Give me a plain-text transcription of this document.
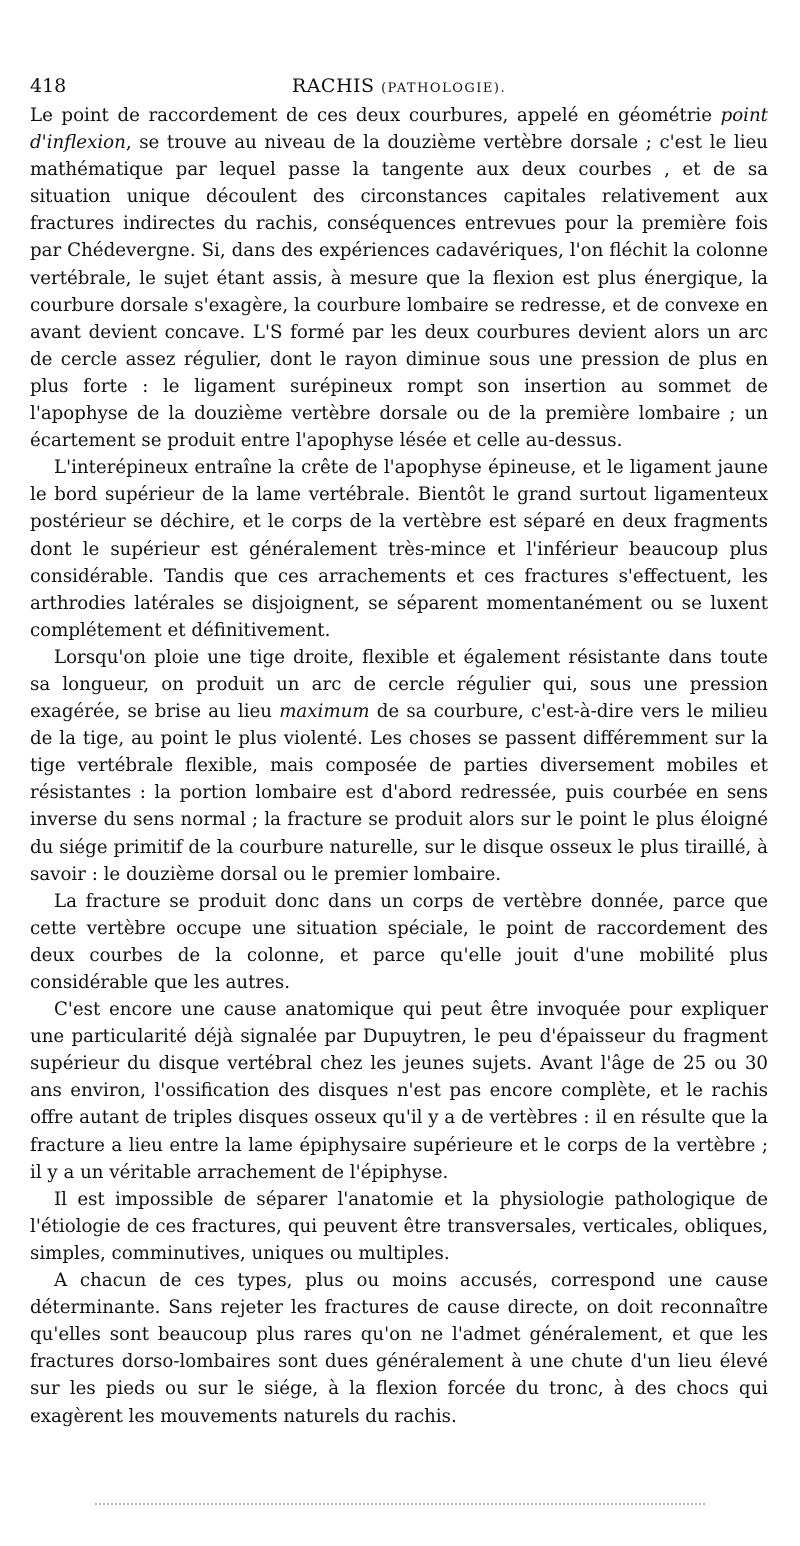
418	RACHIS (PATHOLOGIE).

Le point de raccordement de ces deux courbures, appelé en géométrie point d'inflexion, se trouve au niveau de la douzième vertèbre dorsale ; c'est le lieu mathématique par lequel passe la tangente aux deux courbes , et de sa situation unique découlent des circonstances capitales relativement aux fractures indirectes du rachis, conséquences entrevues pour la première fois par Chédevergne. Si, dans des expériences cadavériques, l'on fléchit la colonne vertébrale, le sujet étant assis, à mesure que la flexion est plus énergique, la courbure dorsale s'exagère, la courbure lombaire se redresse, et de convexe en avant devient concave. L'S formé par les deux courbures devient alors un arc de cercle assez régulier, dont le rayon diminue sous une pression de plus en plus forte : le ligament surépineux rompt son insertion au sommet de l'apophyse de la douzième vertèbre dorsale ou de la première lombaire ; un écartement se produit entre l'apophyse lésée et celle au-dessus.

L'interépineux entraîne la crête de l'apophyse épineuse, et le ligament jaune le bord supérieur de la lame vertébrale. Bientôt le grand surtout ligamenteux postérieur se déchire, et le corps de la vertèbre est séparé en deux fragments dont le supérieur est généralement très-mince et l'inférieur beaucoup plus considérable. Tandis que ces arrachements et ces fractures s'effectuent, les arthrodies latérales se disjoignent, se séparent momentanément ou se luxent complétement et définitivement.

Lorsqu'on ploie une tige droite, flexible et également résistante dans toute sa longueur, on produit un arc de cercle régulier qui, sous une pression exagérée, se brise au lieu maximum de sa courbure, c'est-à-dire vers le milieu de la tige, au point le plus violenté. Les choses se passent différemment sur la tige vertébrale flexible, mais composée de parties diversement mobiles et résistantes : la portion lombaire est d'abord redressée, puis courbée en sens inverse du sens normal ; la fracture se produit alors sur le point le plus éloigné du siége primitif de la courbure naturelle, sur le disque osseux le plus tiraillé, à savoir : le douzième dorsal ou le premier lombaire.

La fracture se produit donc dans un corps de vertèbre donnée, parce que cette vertèbre occupe une situation spéciale, le point de raccordement des deux courbes de la colonne, et parce qu'elle jouit d'une mobilité plus considérable que les autres.

C'est encore une cause anatomique qui peut être invoquée pour expliquer une particularité déjà signalée par Dupuytren, le peu d'épaisseur du fragment supérieur du disque vertébral chez les jeunes sujets. Avant l'âge de 25 ou 30 ans environ, l'ossification des disques n'est pas encore complète, et le rachis offre autant de triples disques osseux qu'il y a de vertèbres : il en résulte que la fracture a lieu entre la lame épiphysaire supérieure et le corps de la vertèbre ; il y a un véritable arrachement de l'épiphyse.

Il est impossible de séparer l'anatomie et la physiologie pathologique de l'étiologie de ces fractures, qui peuvent être transversales, verticales, obliques, simples, comminutives, uniques ou multiples.

A chacun de ces types, plus ou moins accusés, correspond une cause déterminante. Sans rejeter les fractures de cause directe, on doit reconnaître qu'elles sont beaucoup plus rares qu'on ne l'admet généralement, et que les fractures dorso-lombaires sont dues généralement à une chute d'un lieu élevé sur les pieds ou sur le siége, à la flexion forcée du tronc, à des chocs qui exagèrent les mouvements naturels du rachis.
